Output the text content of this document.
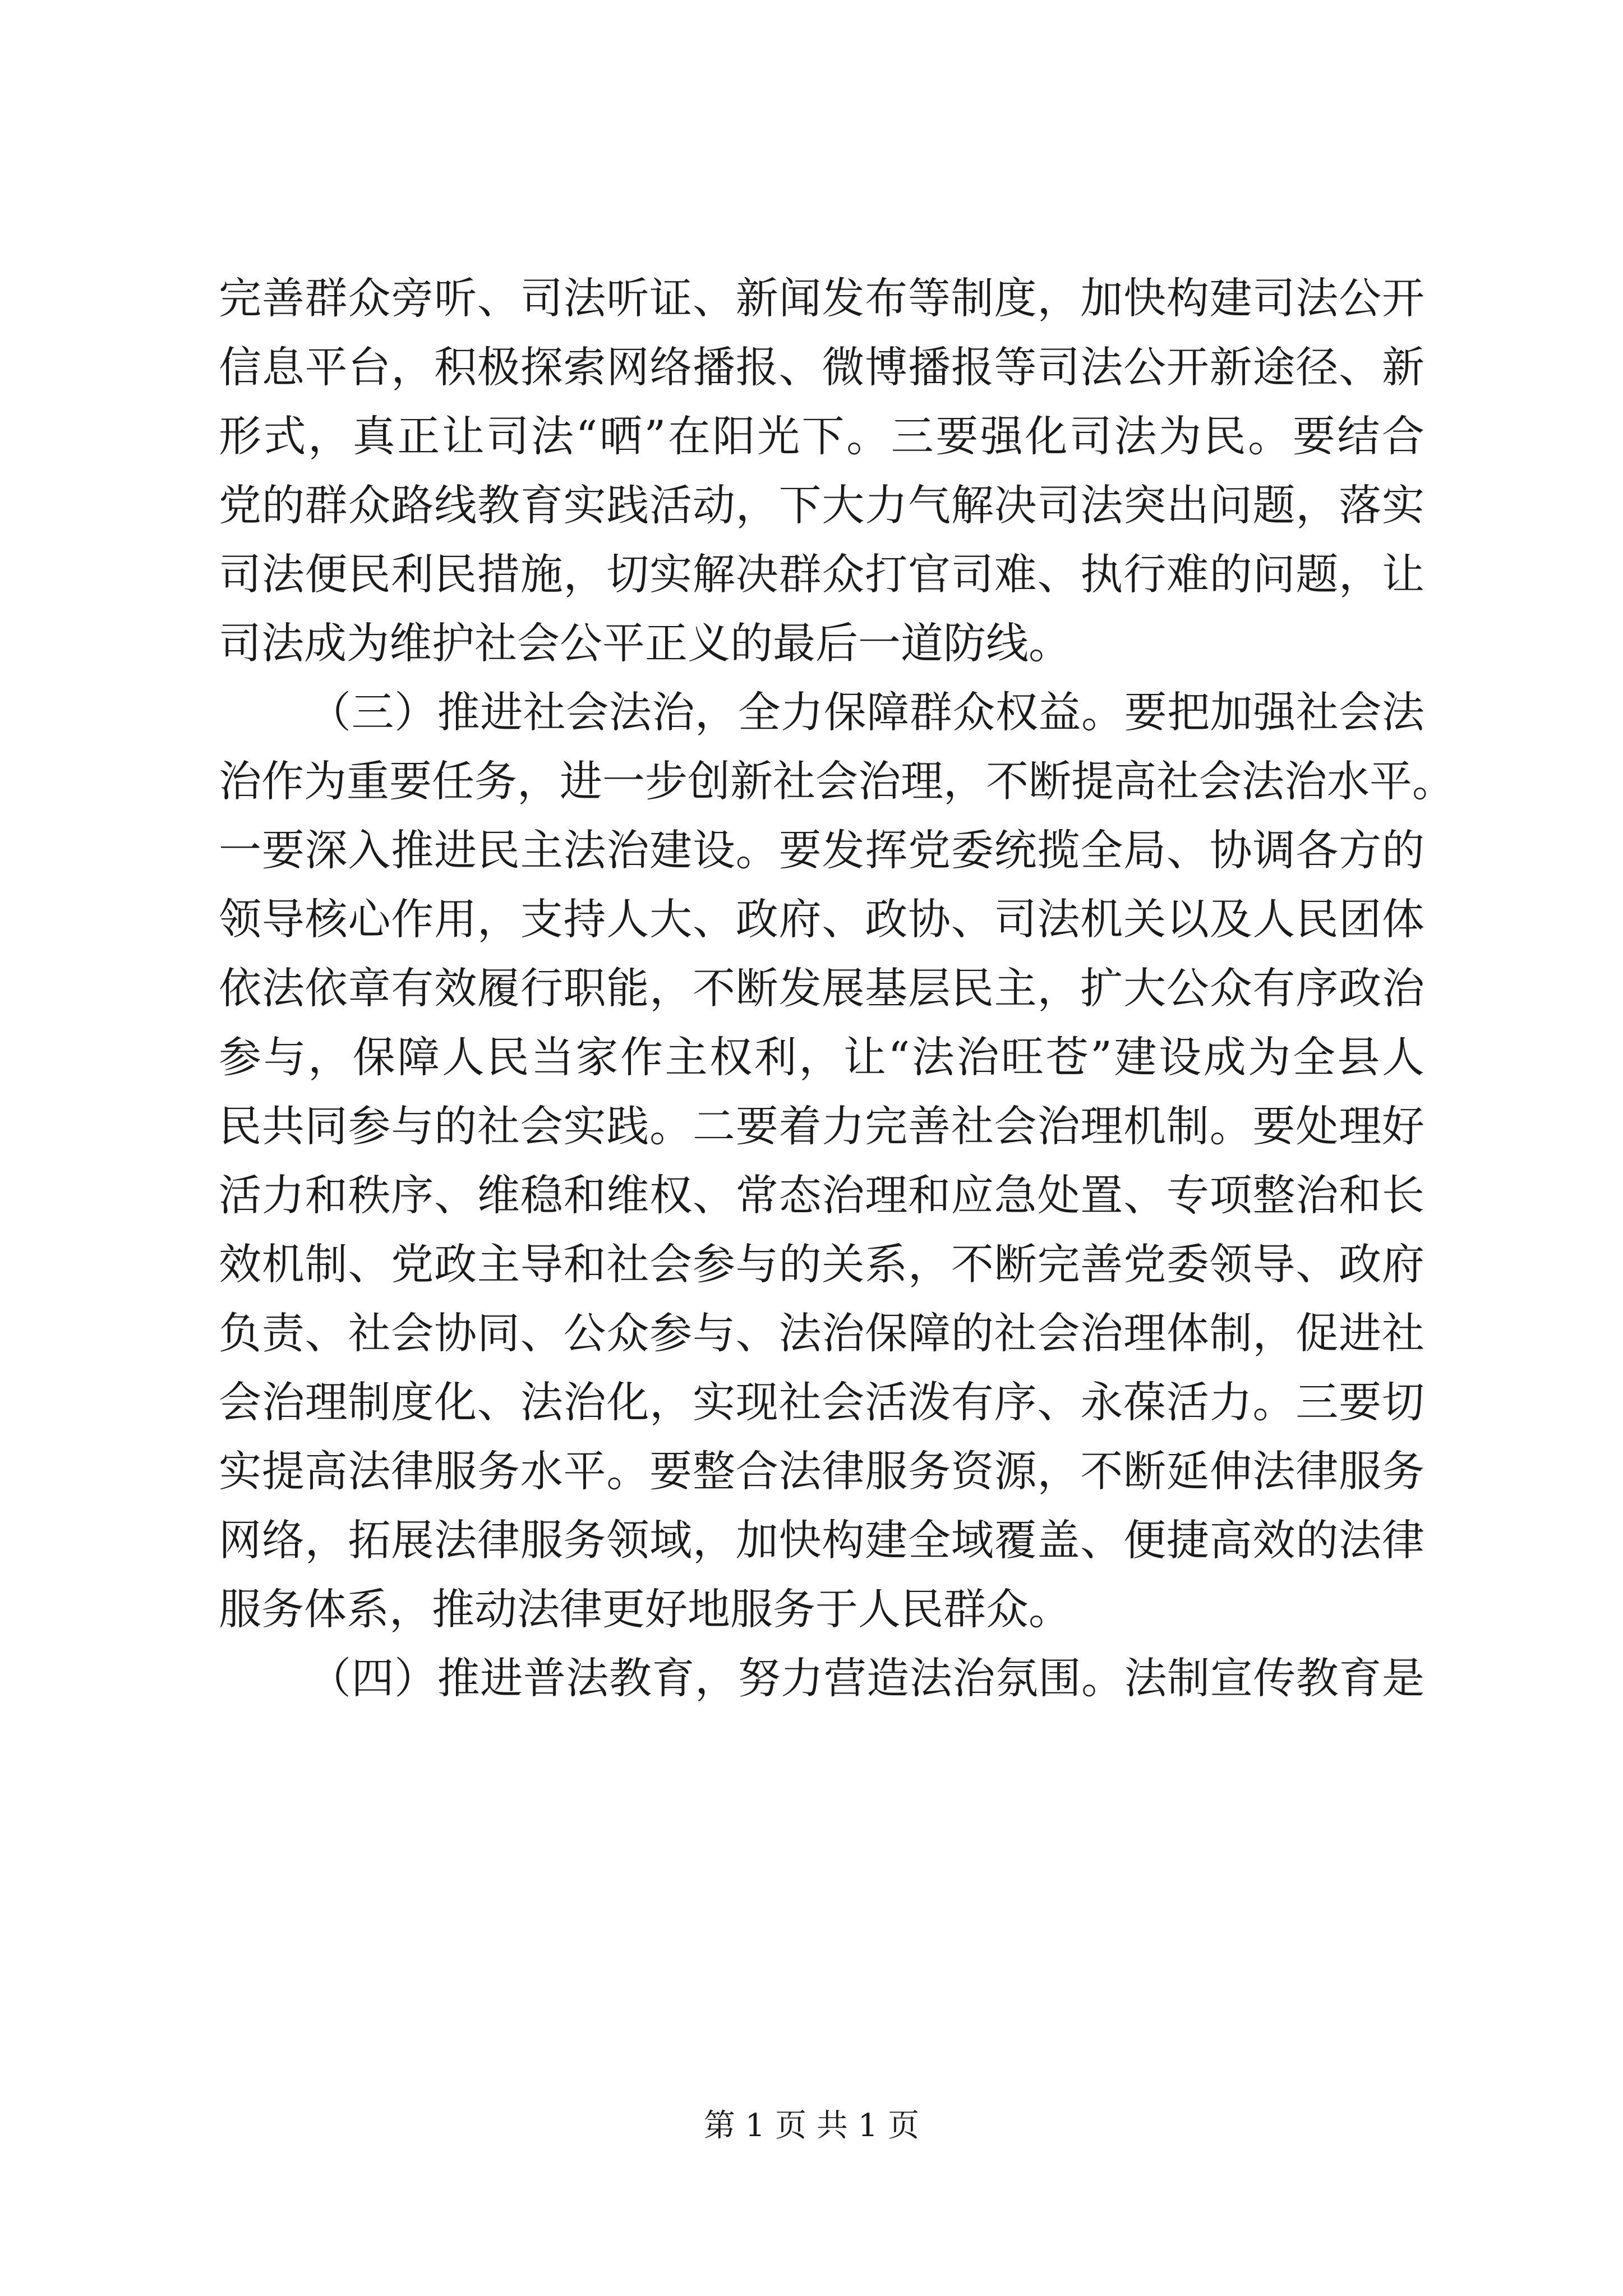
完善群众旁听、司法听证、新闻发布等制度，加快构建司法公开
信息平台，积极探索网络播报、微博播报等司法公开新途径、新
形式，真正让司法“晒”在阳光下。三要强化司法为民。要结合
党的群众路线教育实践活动，下大力气解决司法突出问题，落实
司法便民利民措施，切实解决群众打官司难、执行难的问题，让
司法成为维护社会公平正义的最后一道防线。
（三）推进社会法治，全力保障群众权益。要把加强社会法
治作为重要任务，进一步创新社会治理，不断提高社会法治水平。
一要深入推进民主法治建设。要发挥党委统揽全局、协调各方的
领导核心作用，支持人大、政府、政协、司法机关以及人民团体
依法依章有效履行职能，不断发展基层民主，扩大公众有序政治
参与，保障人民当家作主权利，让“法治旺苍”建设成为全县人
民共同参与的社会实践。二要着力完善社会治理机制。要处理好
活力和秩序、维稳和维权、常态治理和应急处置、专项整治和长
效机制、党政主导和社会参与的关系，不断完善党委领导、政府
负责、社会协同、公众参与、法治保障的社会治理体制，促进社
会治理制度化、法治化，实现社会活泼有序、永葆活力。三要切
实提高法律服务水平。要整合法律服务资源，不断延伸法律服务
网络，拓展法律服务领域，加快构建全域覆盖、便捷高效的法律
服务体系，推动法律更好地服务于人民群众。
（四）推进普法教育，努力营造法治氛围。法制宣传教育是
第 1 页 共 1 页
